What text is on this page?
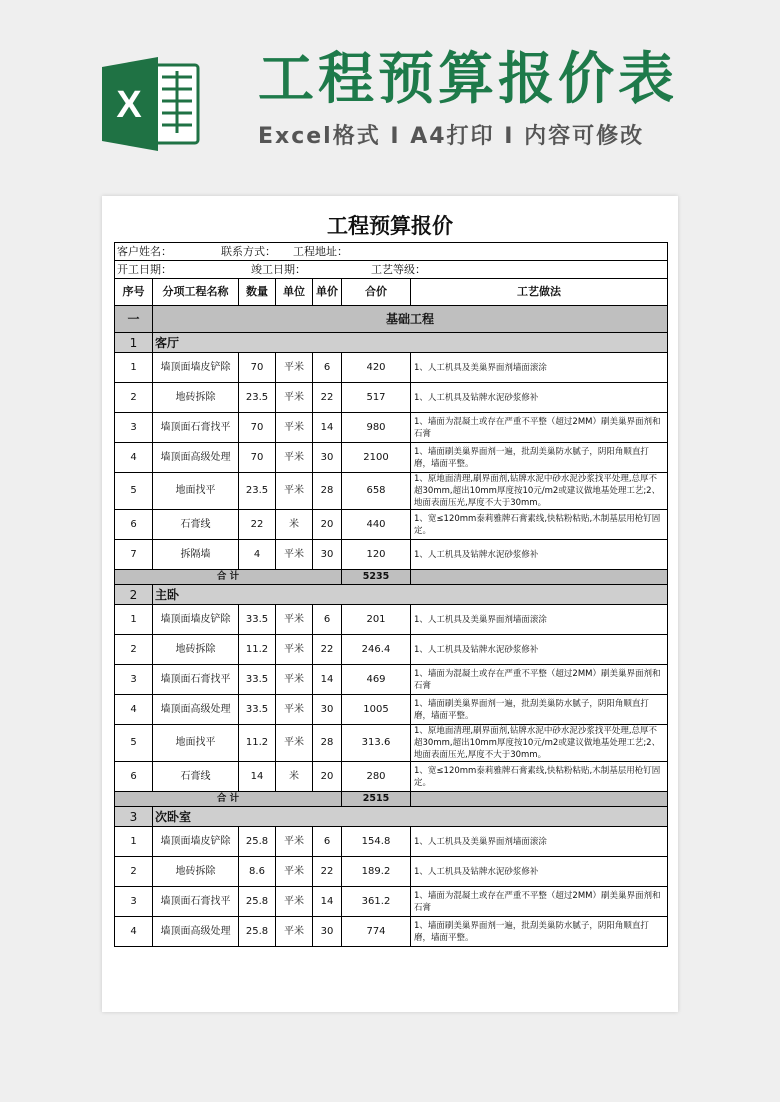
X 工程预算报价表
Excel格式 I A4打印 I 内容可修改
工程预算报价
客户姓名： 联系方式： 工程地址：						
开工日期： 竣工日期： 工艺等级：						
序号	分项工程名称	数量	单位	单价	合价	工艺做法
一	基础工程					
1	客厅					
1	墙顶面墙皮铲除	70	平米	6	420	1、人工机具及美巢界面剂墙面滚涂
2	地砖拆除	23.5	平米	22	517	1、人工机具及钻牌水泥砂浆修补
3	墙顶面石膏找平	70	平米	14	980	1、墙面为混凝土或存在严重不平整（超过2MM）刷美巢界面剂和石膏
4	墙顶面高级处理	70	平米	30	2100	1、墙面刷美巢界面剂一遍，批刮美巢防水腻子，阴阳角顺直打磨，墙面平整。
5	地面找平	23.5	平米	28	658	1、原地面清理,刷界面剂,钻牌水泥中砂水泥沙浆找平处理,总厚不超30mm,超出10mm厚度按10元/m2或建议做地基处理工艺;2、地面表面压光,厚度不大于30mm。
6	石膏线	22	米	20	440	1、宽≤120mm泰莉雅牌石膏素线,快粘粉粘贴,木制基层用枪钉固定。
7	拆隔墙	4	平米	30	120	1、人工机具及钻牌水泥砂浆修补
合 计					5235	
2	主卧					
1	墙顶面墙皮铲除	33.5	平米	6	201	1、人工机具及美巢界面剂墙面滚涂
2	地砖拆除	11.2	平米	22	246.4	1、人工机具及钻牌水泥砂浆修补
3	墙顶面石膏找平	33.5	平米	14	469	1、墙面为混凝土或存在严重不平整（超过2MM）刷美巢界面剂和石膏
4	墙顶面高级处理	33.5	平米	30	1005	1、墙面刷美巢界面剂一遍，批刮美巢防水腻子，阴阳角顺直打磨，墙面平整。
5	地面找平	11.2	平米	28	313.6	1、原地面清理,刷界面剂,钻牌水泥中砂水泥沙浆找平处理,总厚不超30mm,超出10mm厚度按10元/m2或建议做地基处理工艺;2、地面表面压光,厚度不大于30mm。
6	石膏线	14	米	20	280	1、宽≤120mm泰莉雅牌石膏素线,快粘粉粘贴,木制基层用枪钉固定。
合 计					2515	
3	次卧室					
1	墙顶面墙皮铲除	25.8	平米	6	154.8	1、人工机具及美巢界面剂墙面滚涂
2	地砖拆除	8.6	平米	22	189.2	1、人工机具及钻牌水泥砂浆修补
3	墙顶面石膏找平	25.8	平米	14	361.2	1、墙面为混凝土或存在严重不平整（超过2MM）刷美巢界面剂和石膏
4	墙顶面高级处理	25.8	平米	30	774	1、墙面刷美巢界面剂一遍，批刮美巢防水腻子，阴阳角顺直打磨，墙面平整。
